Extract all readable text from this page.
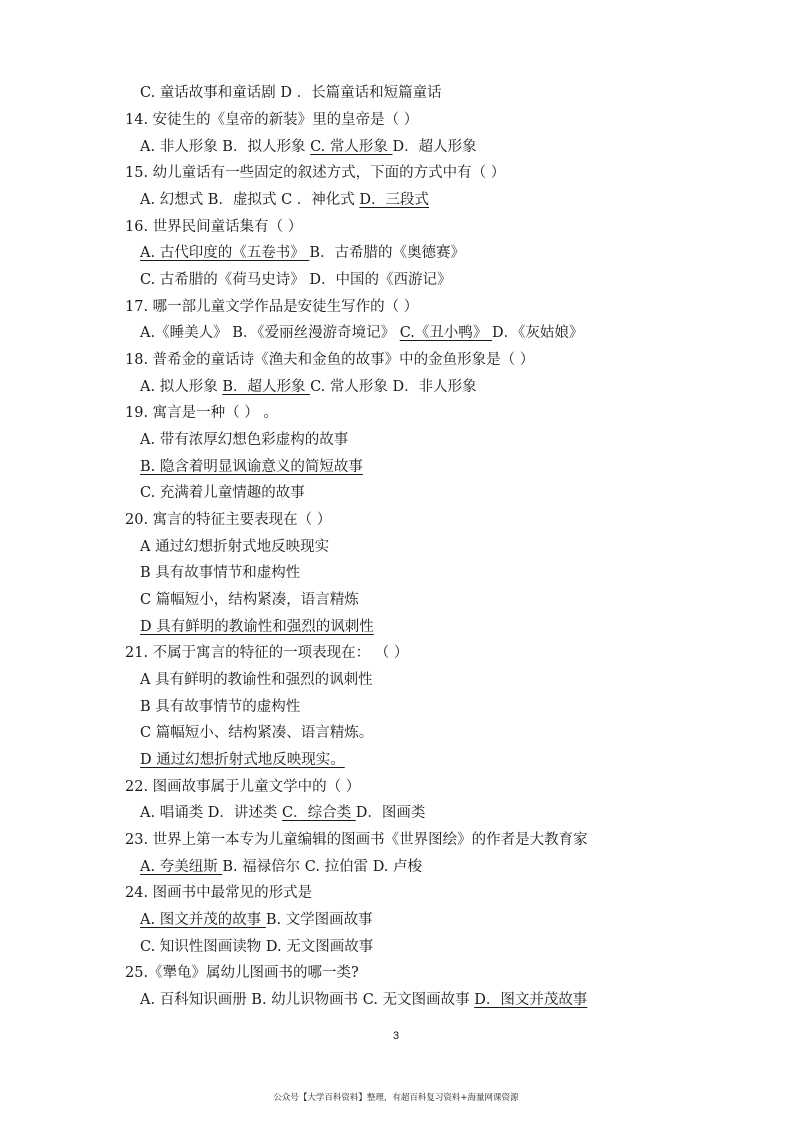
C. 童话故事和童话剧 D ．长篇童话和短篇童话
14. 安徒生的《皇帝的新装》里的皇帝是（ ）
A. 非人形象 B．拟人形象 C. 常人形象 D．超人形象
15. 幼儿童话有一些固定的叙述方式，下面的方式中有（ ）
A. 幻想式 B．虚拟式 C ．神化式 D．三段式
16. 世界民间童话集有（ ）
A. 古代印度的《五卷书》 B．古希腊的《奥德赛》
C. 古希腊的《荷马史诗》 D．中国的《西游记》
17. 哪一部儿童文学作品是安徒生写作的（ ）
A.《睡美人》 B．《爱丽丝漫游奇境记》 C.《丑小鸭》 D．《灰姑娘》
18. 普希金的童话诗《渔夫和金鱼的故事》中的金鱼形象是（ ）
A. 拟人形象 B．超人形象 C. 常人形象 D．非人形象
19. 寓言是一种（ ） 。
A. 带有浓厚幻想色彩虚构的故事
B. 隐含着明显讽谕意义的简短故事
C. 充满着儿童情趣的故事
20. 寓言的特征主要表现在（ ）
A 通过幻想折射式地反映现实
B 具有故事情节和虚构性
C 篇幅短小，结构紧凑，语言精炼
D 具有鲜明的教谕性和强烈的讽刺性
21. 不属于寓言的特征的一项表现在： （ ）
A 具有鲜明的教谕性和强烈的讽刺性
B 具有故事情节的虚构性
C 篇幅短小、结构紧凑、语言精炼。
D 通过幻想折射式地反映现实。
22. 图画故事属于儿童文学中的（ ）
A. 唱诵类 D．讲述类 C．综合类 D．图画类
23. 世界上第一本专为儿童编辑的图画书《世界图绘》的作者是大教育家
A. 夸美纽斯 B. 福禄倍尔 C. 拉伯雷 D. 卢梭
24. 图画书中最常见的形式是
A. 图文并茂的故事 B. 文学图画故事
C. 知识性图画读物 D. 无文图画故事
25.《犟龟》属幼儿图画书的哪一类?
A. 百科知识画册 B. 幼儿识物画书 C. 无文图画故事 D．图文并茂故事
3
公众号【大学百科资料】整理，有超百科复习资料+海量网课资源
